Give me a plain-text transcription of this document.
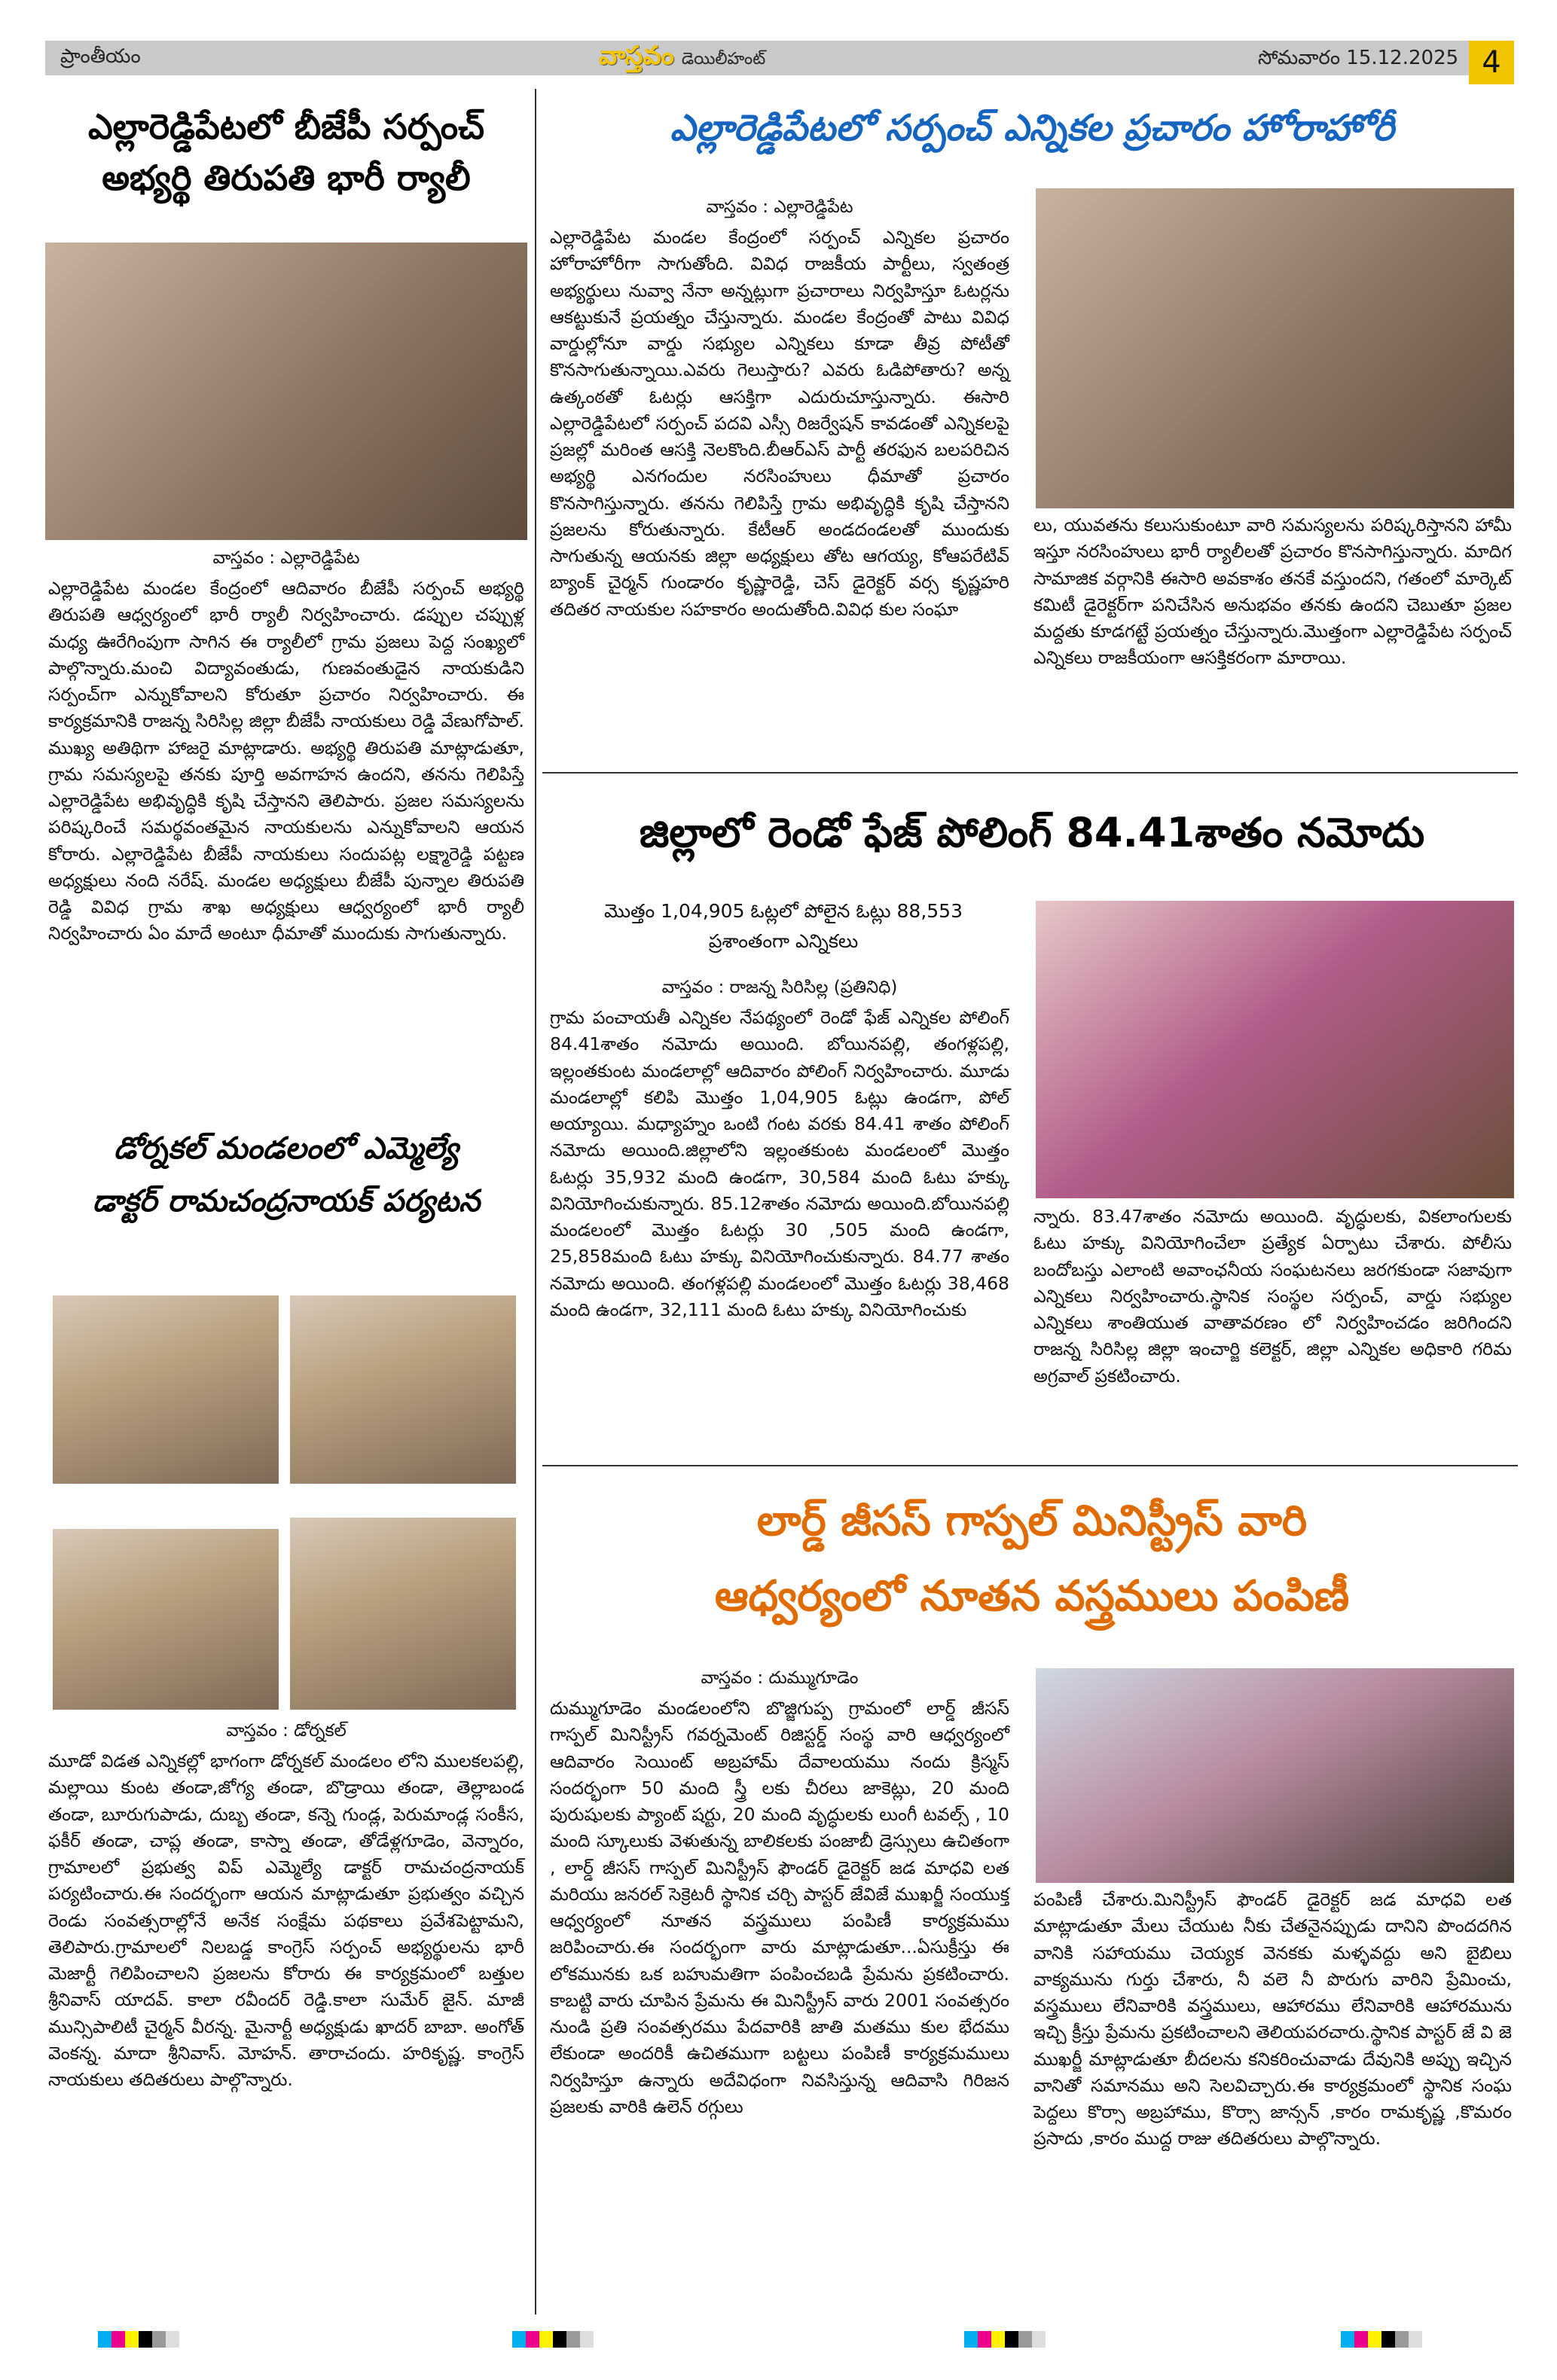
ప్రాంతీయం	వాస్తవం డెయిలీహంట్	సోమవారం 15.12.2025 4
ఎల్లారెడ్డిపేటలో బీజేపీ సర్పంచ్
అభ్యర్థి తిరుపతి భారీ ర్యాలీ
వాస్తవం : ఎల్లారెడ్డిపేట
ఎల్లారెడ్డిపేట మండల కేంద్రంలో ఆదివారం బీజేపీ సర్పంచ్ అభ్యర్థి తిరుపతి ఆధ్వర్యంలో భారీ ర్యాలీ నిర్వహించారు. డప్పుల చప్పుళ్ల మధ్య ఊరేగింపుగా సాగిన ఈ ర్యాలీలో గ్రామ ప్రజలు పెద్ద సంఖ్యలో పాల్గొన్నారు.మంచి విద్యావంతుడు, గుణవంతుడైన నాయకుడిని సర్పంచ్‌గా ఎన్నుకోవాలని కోరుతూ ప్రచారం నిర్వహించారు. ఈ కార్యక్రమానికి రాజన్న సిరిసిల్ల జిల్లా బీజేపీ నాయకులు రెడ్డి వేణుగోపాల్. ముఖ్య అతిథిగా హాజరై మాట్లాడారు. అభ్యర్థి తిరుపతి మాట్లాడుతూ, గ్రామ సమస్యలపై తనకు పూర్తి అవగాహన ఉందని, తనను గెలిపిస్తే ఎల్లారెడ్డిపేట అభివృద్ధికి కృషి చేస్తానని తెలిపారు. ప్రజల సమస్యలను పరిష్కరించే సమర్థవంతమైన నాయకులను ఎన్నుకోవాలని ఆయన కోరారు. ఎల్లారెడ్డిపేట బీజేపీ నాయకులు సందుపట్ల లక్ష్మారెడ్డి పట్టణ అధ్యక్షులు నంది నరేష్. మండల అధ్యక్షులు బీజేపీ పున్నాల తిరుపతి రెడ్డి వివిధ గ్రామ శాఖ అధ్యక్షులు ఆధ్వర్యంలో భారీ ర్యాలీ నిర్వహించారు ఏం మాదే అంటూ ధీమాతో ముందుకు సాగుతున్నారు.
డోర్నకల్ మండలంలో ఎమ్మెల్యే
డాక్టర్ రామచంద్రనాయక్ పర్యటన
వాస్తవం : డోర్నకల్
మూడో విడత ఎన్నికల్లో భాగంగా డోర్నకల్ మండలం లోని ములకలపల్లి, మల్లాయి కుంట తండా,జోగ్య తండా, బొడ్రాయి తండా, తెల్లాబండ తండా, బూరుగుపాడు, దుబ్బ తండా, కన్నె గుండ్ల, పెరుమాండ్ల సంకీస, ఫకీర్ తండా, చాప్ల తండా, కాస్నా తండా, తోడేళ్లగూడెం, వెన్నారం, గ్రామాలలో ప్రభుత్వ విప్ ఎమ్మెల్యే డాక్టర్ రామచంద్రనాయక్ పర్యటించారు.ఈ సందర్భంగా ఆయన మాట్లాడుతూ ప్రభుత్వం వచ్చిన రెండు సంవత్సరాల్లోనే అనేక సంక్షేమ పథకాలు ప్రవేశపెట్టామని, తెలిపారు.గ్రామాలలో నిలబడ్డ కాంగ్రెస్ సర్పంచ్ అభ్యర్థులను భారీ మెజార్టీ గెలిపించాలని ప్రజలను కోరారు ఈ కార్యక్రమంలో బత్తుల శ్రీనివాస్ యాదవ్. కాలా రవీందర్ రెడ్డి.కాలా సుమేర్ జైన్. మాజీ మున్సిపాలిటీ చైర్మన్ వీరన్న. మైనార్టీ అధ్యక్షుడు ఖాదర్ బాబా. అంగోత్ వెంకన్న. మాదా శ్రీనివాస్. మోహన్. తారాచందు. హరికృష్ణ. కాంగ్రెస్ నాయకులు తదితరులు పాల్గొన్నారు.
ఎల్లారెడ్డిపేటలో సర్పంచ్ ఎన్నికల ప్రచారం హోరాహోరీ
వాస్తవం : ఎల్లారెడ్డిపేట
ఎల్లారెడ్డిపేట మండల కేంద్రంలో సర్పంచ్ ఎన్నికల ప్రచారం హోరాహోరీగా సాగుతోంది. వివిధ రాజకీయ పార్టీలు, స్వతంత్ర అభ్యర్థులు నువ్వా నేనా అన్నట్లుగా ప్రచారాలు నిర్వహిస్తూ ఓటర్లను ఆకట్టుకునే ప్రయత్నం చేస్తున్నారు. మండల కేంద్రంతో పాటు వివిధ వార్డుల్లోనూ వార్డు సభ్యుల ఎన్నికలు కూడా తీవ్ర పోటీతో కొనసాగుతున్నాయి.ఎవరు గెలుస్తారు? ఎవరు ఓడిపోతారు? అన్న ఉత్కంఠతో ఓటర్లు ఆసక్తిగా ఎదురుచూస్తున్నారు. ఈసారి ఎల్లారెడ్డిపేటలో సర్పంచ్ పదవి ఎస్సీ రిజర్వేషన్ కావడంతో ఎన్నికలపై ప్రజల్లో మరింత ఆసక్తి నెలకొంది.బీఆర్ఎస్ పార్టీ తరఫున బలపరిచిన అభ్యర్థి ఎనగందుల నరసింహులు ధీమాతో ప్రచారం కొనసాగిస్తున్నారు. తనను గెలిపిస్తే గ్రామ అభివృద్ధికి కృషి చేస్తానని ప్రజలను కోరుతున్నారు. కేటీఆర్ అండదండలతో ముందుకు సాగుతున్న ఆయనకు జిల్లా అధ్యక్షులు తోట ఆగయ్య, కోఆపరేటివ్ బ్యాంక్ చైర్మన్ గుండారం కృష్ణారెడ్డి, చెస్ డైరెక్టర్ వర్స కృష్ణహరి తదితర నాయకుల సహకారం అందుతోంది.వివిధ కుల సంఘా
లు, యువతను కలుసుకుంటూ వారి సమస్యలను పరిష్కరిస్తానని హామీ ఇస్తూ నరసింహులు భారీ ర్యాలీలతో ప్రచారం కొనసాగిస్తున్నారు. మాదిగ సామాజిక వర్గానికి ఈసారి అవకాశం తనకే వస్తుందని, గతంలో మార్కెట్ కమిటీ డైరెక్టర్‌గా పనిచేసిన అనుభవం తనకు ఉందని చెబుతూ ప్రజల మద్దతు కూడగట్టే ప్రయత్నం చేస్తున్నారు.మొత్తంగా ఎల్లారెడ్డిపేట సర్పంచ్ ఎన్నికలు రాజకీయంగా ఆసక్తికరంగా మారాయి.
జిల్లాలో రెండో ఫేజ్ పోలింగ్ 84.41శాతం నమోదు
మొత్తం 1,04,905 ఓట్లలో పోలైన ఓట్లు 88,553
ప్రశాంతంగా ఎన్నికలు
వాస్తవం : రాజన్న సిరిసిల్ల (ప్రతినిధి)
గ్రామ పంచాయతీ ఎన్నికల నేపథ్యంలో రెండో ఫేజ్ ఎన్నికల పోలింగ్ 84.41శాతం నమోదు అయింది. బోయినపల్లి, తంగళ్లపల్లి, ఇల్లంతకుంట మండలాల్లో ఆదివారం పోలింగ్ నిర్వహించారు. మూడు మండలాల్లో కలిపి మొత్తం 1,04,905 ఓట్లు ఉండగా, పోల్ అయ్యాయి. మధ్యాహ్నం ఒంటి గంట వరకు 84.41 శాతం పోలింగ్ నమోదు అయింది.జిల్లాలోని ఇల్లంతకుంట మండలంలో మొత్తం ఓటర్లు 35,932 మంది ఉండగా, 30,584 మంది ఓటు హక్కు వినియోగించుకున్నారు. 85.12శాతం నమోదు అయింది.బోయినపల్లి మండలంలో మొత్తం ఓటర్లు 30 ,505 మంది ఉండగా, 25,858మంది ఓటు హక్కు వినియోగించుకున్నారు. 84.77 శాతం నమోదు అయింది. తంగళ్లపల్లి మండలంలో మొత్తం ఓటర్లు 38,468 మంది ఉండగా, 32,111 మంది ఓటు హక్కు వినియోగించుకు
న్నారు. 83.47శాతం నమోదు అయింది. వృద్ధులకు, వికలాంగులకు ఓటు హక్కు వినియోగించేలా ప్రత్యేక ఏర్పాటు చేశారు. పోలీసు బందోబస్తు ఎలాంటి అవాంఛనీయ సంఘటనలు జరగకుండా సజావుగా ఎన్నికలు నిర్వహించారు.స్థానిక సంస్థల సర్పంచ్, వార్డు సభ్యుల ఎన్నికలు శాంతియుత వాతావరణం లో నిర్వహించడం జరిగిందని రాజన్న సిరిసిల్ల జిల్లా ఇంచార్జి కలెక్టర్, జిల్లా ఎన్నికల అధికారి గరిమ అగ్రవాల్ ప్రకటించారు.
లార్డ్ జీసస్ గాస్పల్ మినిస్ట్రీస్ వారి
ఆధ్వర్యంలో నూతన వస్త్రములు పంపిణీ
వాస్తవం : దుమ్ముగూడెం
దుమ్ముగూడెం మండలంలోని బొజ్జిగుప్ప గ్రామంలో లార్డ్ జీసస్ గాస్పల్ మినిస్ట్రీస్ గవర్నమెంట్ రిజిస్టర్డ్ సంస్థ వారి ఆధ్వర్యంలో ఆదివారం సెయింట్ అబ్రహామ్ దేవాలయము నందు క్రిస్మస్ సందర్భంగా 50 మంది స్త్రీ లకు చీరలు జాకెట్లు, 20 మంది పురుషులకు ప్యాంట్ షర్టు, 20 మంది వృద్ధులకు లుంగీ టవల్స్ , 10 మంది స్కూలుకు వెళుతున్న బాలికలకు పంజాబీ డ్రెస్సులు ఉచితంగా , లార్డ్ జీసస్ గాస్పల్ మినిస్ట్రీస్ ఫౌండర్ డైరెక్టర్ జడ మాధవి లత మరియు జనరల్ సెక్రెటరీ స్థానిక చర్చి పాస్టర్ జేవిజే ముఖర్జీ సంయుక్త ఆధ్వర్యంలో నూతన వస్త్రములు పంపిణీ కార్యక్రమము జరిపించారు.ఈ సందర్భంగా వారు మాట్లాడుతూ...ఏసుక్రీస్తు ఈ లోకమునకు ఒక బహుమతిగా పంపించబడి ప్రేమను ప్రకటించారు. కాబట్టి వారు చూపిన ప్రేమను ఈ మినిస్ట్రీస్ వారు 2001 సంవత్సరం నుండి ప్రతి సంవత్సరము పేదవారికి జాతి మతము కుల భేదము లేకుండా అందరికీ ఉచితముగా బట్టలు పంపిణీ కార్యక్రమములు నిర్వహిస్తూ ఉన్నారు అదేవిధంగా నివసిస్తున్న ఆదివాసి గిరిజన ప్రజలకు వారికి ఉలెన్ రగ్గులు
పంపిణీ చేశారు.మినిస్ట్రీస్ ఫౌండర్ డైరెక్టర్ జడ మాధవి లత మాట్లాడుతూ మేలు చేయుట నీకు చేతనైనప్పుడు దానిని పొందదగిన వానికి సహాయము చెయ్యక వెనకకు మళ్ళవద్దు అని బైబిలు వాక్యమును గుర్తు చేశారు, నీ వలె నీ పొరుగు వారిని ప్రేమించు, వస్త్రములు లేనివారికి వస్త్రములు, ఆహారము లేనివారికి ఆహారమును ఇచ్చి క్రీస్తు ప్రేమను ప్రకటించాలని తెలియపరచారు.స్థానిక పాస్టర్ జే వి జె ముఖర్జీ మాట్లాడుతూ బీదలను కనికరించువాడు దేవునికి అప్పు ఇచ్చిన వానితో సమానము అని సెలవిచ్చారు.ఈ కార్యక్రమంలో స్థానిక సంఘ పెద్దలు కొర్సా అబ్రహాము, కొర్సా జాన్సన్ ,కారం రామకృష్ణ ,కొమరం ప్రసాదు ,కారం ముద్ద రాజు తదితరులు పాల్గొన్నారు.
